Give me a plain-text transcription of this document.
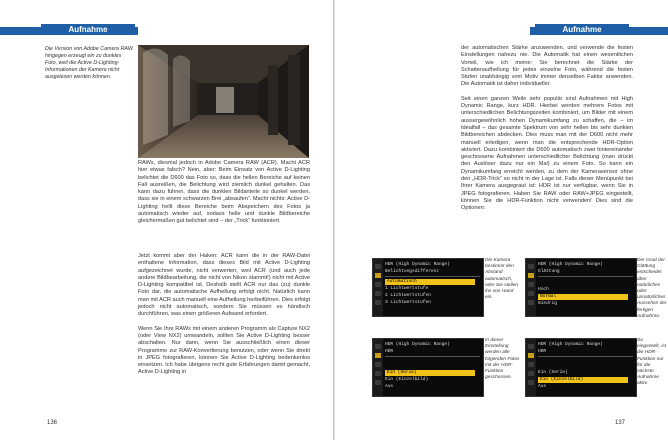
Aufnahme
Die Version von Adobe Camera RAW hingegen erzeugt ein zu dunkles Foto, weil die Active D-Lighting-Informationen der Kamera nicht ausgelesen werden können.

RAWs, diesmal jedoch in Adobe Camera RAW (ACR). Macht ACR hier etwas falsch? Nein, aber: Beim Einsatz von Active D-Lighting belichtet die D600 das Foto so, dass die hellen Bereiche auf keinen Fall ausreißen, die Belichtung wird ziemlich dunkel gehalten. Das kann dazu führen, dass die dunklen Bildanteile so dunkel werden, dass sie in einem schwarzen Brei „absaufen“. Macht nichts: Active D-Lighting hellt diese Bereiche beim Abspeichern des Fotos ja automatisch wieder auf, sodass helle und dunkle Bildbereiche gleichermaßen gut belichtet sind – der „Trick“ funktioniert.

Jetzt kommt aber der Haken: ACR kann die in der RAW-Datei enthaltene Information, dass dieses Bild mit Active D-Lighting aufgezeichnet wurde, nicht verwerten, weil ACR (und auch jede andere Bildbearbeitung, die nicht von Nikon stammt!) nicht mit Active D-Lighting kompatibel ist. Deshalb stellt ACR nur das (zu) dunkle Foto dar, die automatische Aufhellung erfolgt nicht. Natürlich kann man mit ACR auch manuell eine Aufhellung herbeiführen. Dies erfolgt jedoch nicht automatisch, sondern Sie müssen es händisch durchführen, was einen größeren Aufwand erfordert.

Wenn Sie Ihre RAWs mit einem anderen Programm als Capture NX2 (oder View NX2) umwandeln, sollten Sie Active D-Lighting besser abschalten. Nur dann, wenn Sie ausschließlich einen dieser Programme zur RAW-Konvertierung benutzen, oder wenn Sie direkt in JPEG fotografieren, können Sie Active D-Lighting bedenkenlos einsetzen. Ich habe übrigens recht gute Erfahrungen damit gemacht, Active D-Lighting in

136
Aufnahme

der automatischen Stärke anzuwenden, und verwende die festen Einstellungen nahezu nie. Die Automatik hat einen wesentlichen Vorteil, wie ich meine: Sie berechnet die Stärke der Schattenaufhellung für jedes einzelne Foto, während die festen Stufen unabhängig vom Motiv immer denselben Faktor anwenden. Die Automatik ist daher individueller.

Seit einen ganzen Weile sehr populär sind Aufnahmen mit High Dynamic Range, kurz HDR. Hierbei werden mehrere Fotos mit unterschiedlichen Belichtungszeiten kombiniert, um Bilder mit einem aussergewöhnlich hohen Dynamikumfang zu schaffen, die – im Idealfall – das gesamte Spektrum von sehr hellen bis sehr dunklen Bildbereichen abdecken. Dies muss man mit der D600 nicht mehr manuell erledigen, wenn man die entsprechende HDR-Option aktiviert. Dazu kombiniert die D600 automatisch zwei hintereinander geschossene Aufnahmen unterschiedlicher Belichtung (man drückt den Auslöser dazu nur ein Mal) zu einem Foto. So kann ein Dynamikumfang erreicht werden, zu dem der Kamerasensor ohne den „HDR-Trick“ so nicht in der Lage ist. Falls dieser Menüpunkt bei Ihrer Kamera ausgegraut ist: HDR ist nur verfügbar, wenn Sie in JPEG fotografieren. Haben Sie RAW oder RAW+JPEG eingestellt, können Sie die HDR-Funktion nicht verwenden! Dies sind die Optionen:

HDR (High Dynamic Range)
Belichtungsdifferenz
Automatisch
1 Lichtwertstufe
2 Lichtwertstufen
3 Lichtwertstufen
Die Kamera bestimmt den Abstand automatisch, oder Sie stellen ihn von Hand ein.
HDR (High Dynamic Range)
Glättung
Hoch
Normal
Niedrig
Der Grad der Glättung entscheidet über natürliches oder unnatürliches Aussehen der fertigen Aufnahme.
HDR (High Dynamic Range)
HDR
Ein (Serie)
Ein (Einzelbild)
Aus
In dieser Einstellung werden alle folgenden Fotos mit der HDR-Funktion geschossen.
HDR (High Dynamic Range)
HDR
Ein (Serie)
Ein (Einzelbild)
Aus
So eingestellt, ist die HDR-Funktion nur für die nächste Aufnahme aktiv.
137
